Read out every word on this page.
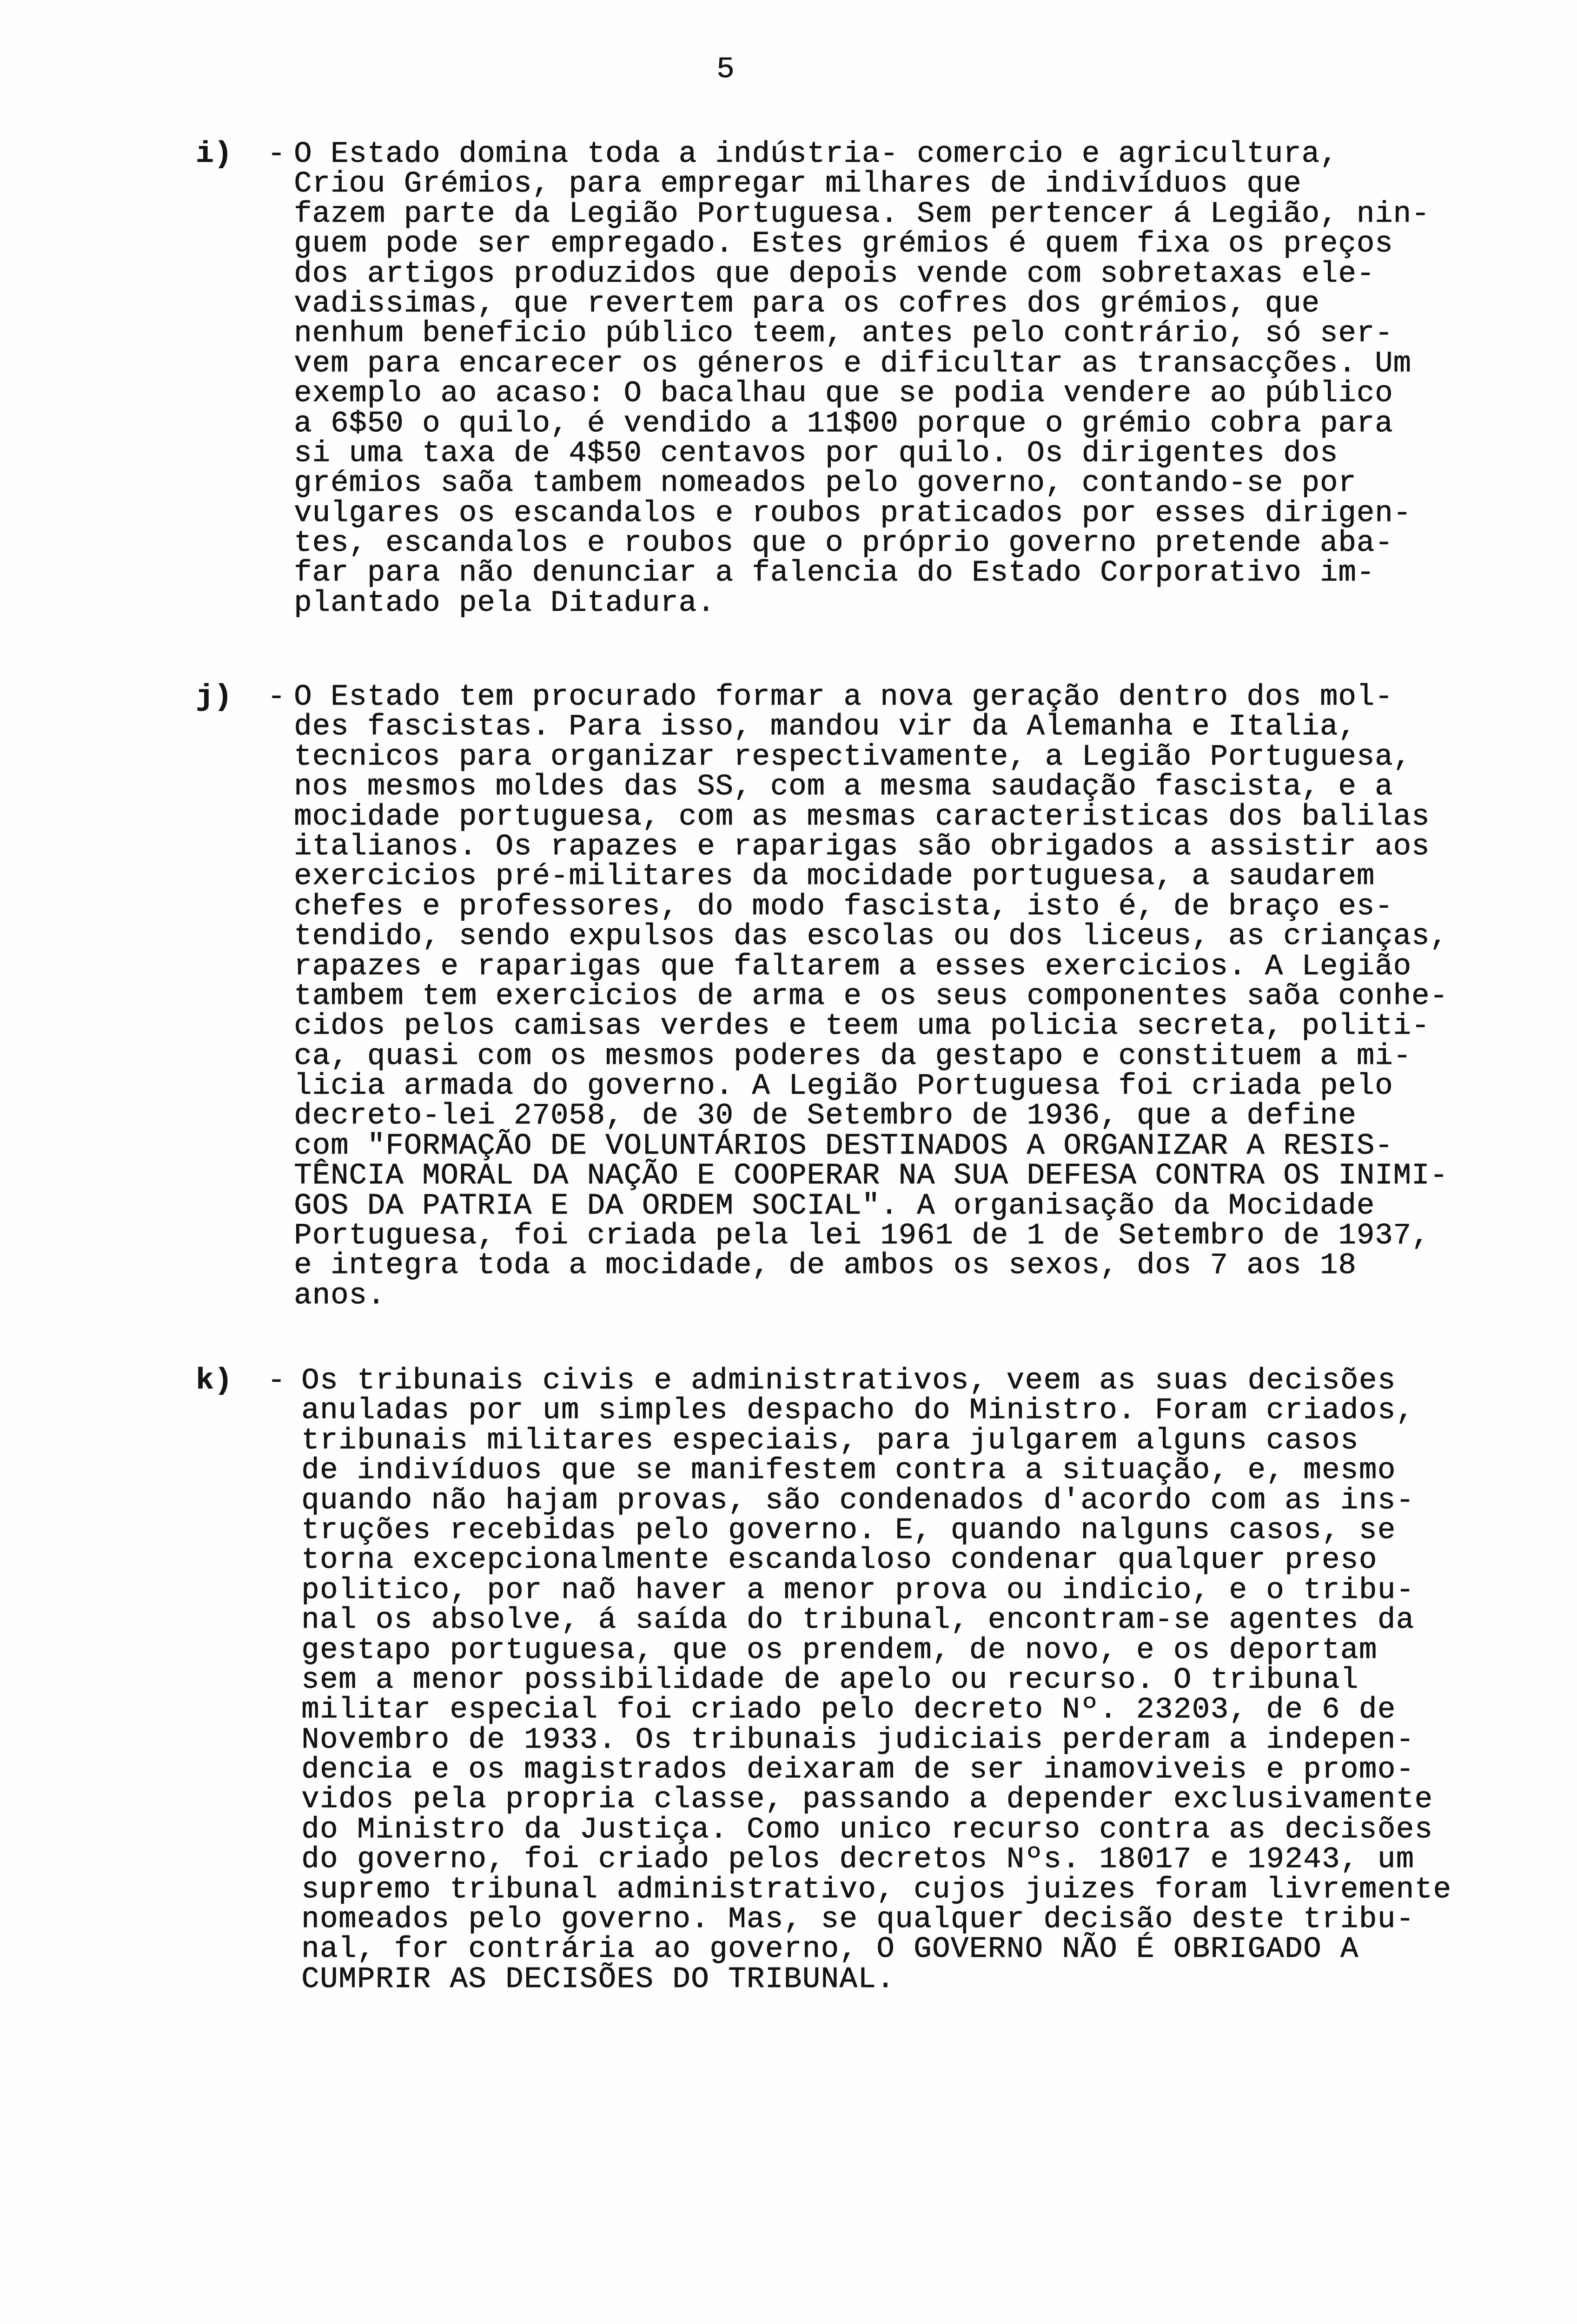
5
i) - O Estado domina toda a indústria- comercio e agricultura,
Criou Grémios, para empregar milhares de indivíduos que
fazem parte da Legião Portuguesa. Sem pertencer á Legião, nin-
guem pode ser empregado. Estes grémios é quem fixa os preços
dos artigos produzidos que depois vende com sobretaxas ele-
vadissimas, que revertem para os cofres dos grémios, que
nenhum beneficio público teem, antes pelo contrário, só ser-
vem para encarecer os géneros e dificultar as transacções. Um
exemplo ao acaso: O bacalhau que se podia vendere ao público
a 6$50 o quilo, é vendido a 11$00 porque o grémio cobra para
si uma taxa de 4$50 centavos por quilo. Os dirigentes dos
grémios saõa tambem nomeados pelo governo, contando-se por
vulgares os escandalos e roubos praticados por esses dirigen-
tes, escandalos e roubos que o próprio governo pretende aba-
far para não denunciar a falencia do Estado Corporativo im-
plantado pela Ditadura.
j) - O Estado tem procurado formar a nova geração dentro dos mol-
des fascistas. Para isso, mandou vir da Alemanha e Italia,
tecnicos para organizar respectivamente, a Legião Portuguesa,
nos mesmos moldes das SS, com a mesma saudação fascista, e a
mocidade portuguesa, com as mesmas caracteristicas dos balilas
italianos. Os rapazes e raparigas são obrigados a assistir aos
exercicios pré-militares da mocidade portuguesa, a saudarem
chefes e professores, do modo fascista, isto é, de braço es-
tendido, sendo expulsos das escolas ou dos liceus, as crianças,
rapazes e raparigas que faltarem a esses exercicios. A Legião
tambem tem exercicios de arma e os seus componentes saõa conhe-
cidos pelos camisas verdes e teem uma policia secreta, politi-
ca, quasi com os mesmos poderes da gestapo e constituem a mi-
licia armada do governo. A Legião Portuguesa foi criada pelo
decreto-lei 27058, de 30 de Setembro de 1936, que a define
com "FORMAÇÃO DE VOLUNTÁRIOS DESTINADOS A ORGANIZAR A RESIS-
TÊNCIA MORAL DA NAÇÃO E COOPERAR NA SUA DEFESA CONTRA OS INIMI-
GOS DA PATRIA E DA ORDEM SOCIAL". A organisação da Mocidade
Portuguesa, foi criada pela lei 1961 de 1 de Setembro de 1937,
e integra toda a mocidade, de ambos os sexos, dos 7 aos 18
anos.
k) - Os tribunais civis e administrativos, veem as suas decisões
anuladas por um simples despacho do Ministro. Foram criados,
tribunais militares especiais, para julgarem alguns casos
de indivíduos que se manifestem contra a situação, e, mesmo
quando não hajam provas, são condenados d'acordo com as ins-
truções recebidas pelo governo. E, quando nalguns casos, se
torna excepcionalmente escandaloso condenar qualquer preso
politico, por naõ haver a menor prova ou indicio, e o tribu-
nal os absolve, á saída do tribunal, encontram-se agentes da
gestapo portuguesa, que os prendem, de novo, e os deportam
sem a menor possibilidade de apelo ou recurso. O tribunal
militar especial foi criado pelo decreto Nº. 23203, de 6 de
Novembro de 1933. Os tribunais judiciais perderam a indepen-
dencia e os magistrados deixaram de ser inamoviveis e promo-
vidos pela propria classe, passando a depender exclusivamente
do Ministro da Justiça. Como unico recurso contra as decisões
do governo, foi criado pelos decretos Nºs. 18017 e 19243, um
supremo tribunal administrativo, cujos juizes foram livremente
nomeados pelo governo. Mas, se qualquer decisão deste tribu-
nal, for contrária ao governo, O GOVERNO NÃO É OBRIGADO A
CUMPRIR AS DECISÕES DO TRIBUNAL.
